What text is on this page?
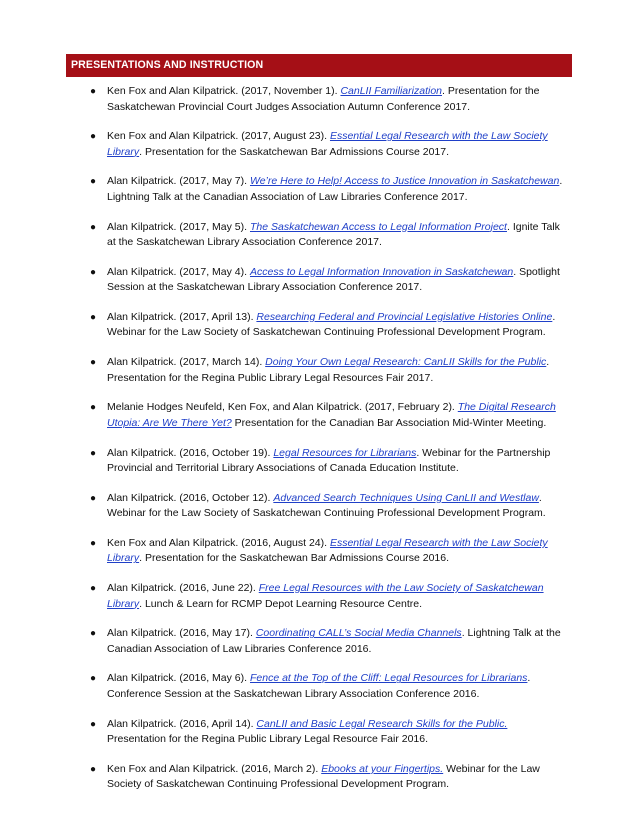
PRESENTATIONS AND INSTRUCTION
● Ken Fox and Alan Kilpatrick. (2017, November 1). CanLII Familiarization. Presentation for the Saskatchewan Provincial Court Judges Association Autumn Conference 2017.
● Ken Fox and Alan Kilpatrick. (2017, August 23). Essential Legal Research with the Law Society Library. Presentation for the Saskatchewan Bar Admissions Course 2017.
● Alan Kilpatrick. (2017, May 7). We’re Here to Help! Access to Justice Innovation in Saskatchewan. Lightning Talk at the Canadian Association of Law Libraries Conference 2017.
● Alan Kilpatrick. (2017, May 5). The Saskatchewan Access to Legal Information Project. Ignite Talk at the Saskatchewan Library Association Conference 2017.
● Alan Kilpatrick. (2017, May 4). Access to Legal Information Innovation in Saskatchewan. Spotlight Session at the Saskatchewan Library Association Conference 2017.
● Alan Kilpatrick. (2017, April 13). Researching Federal and Provincial Legislative Histories Online. Webinar for the Law Society of Saskatchewan Continuing Professional Development Program.
● Alan Kilpatrick. (2017, March 14). Doing Your Own Legal Research: CanLII Skills for the Public. Presentation for the Regina Public Library Legal Resources Fair 2017.
● Melanie Hodges Neufeld, Ken Fox, and Alan Kilpatrick. (2017, February 2). The Digital Research Utopia: Are We There Yet? Presentation for the Canadian Bar Association Mid-Winter Meeting.
● Alan Kilpatrick. (2016, October 19). Legal Resources for Librarians. Webinar for the Partnership Provincial and Territorial Library Associations of Canada Education Institute.
● Alan Kilpatrick. (2016, October 12). Advanced Search Techniques Using CanLII and Westlaw. Webinar for the Law Society of Saskatchewan Continuing Professional Development Program.
● Ken Fox and Alan Kilpatrick. (2016, August 24). Essential Legal Research with the Law Society Library. Presentation for the Saskatchewan Bar Admissions Course 2016.
● Alan Kilpatrick. (2016, June 22). Free Legal Resources with the Law Society of Saskatchewan Library. Lunch & Learn for RCMP Depot Learning Resource Centre.
● Alan Kilpatrick. (2016, May 17). Coordinating CALL’s Social Media Channels. Lightning Talk at the Canadian Association of Law Libraries Conference 2016.
● Alan Kilpatrick. (2016, May 6). Fence at the Top of the Cliff: Legal Resources for Librarians. Conference Session at the Saskatchewan Library Association Conference 2016.
● Alan Kilpatrick. (2016, April 14). CanLII and Basic Legal Research Skills for the Public. Presentation for the Regina Public Library Legal Resource Fair 2016.
● Ken Fox and Alan Kilpatrick. (2016, March 2). Ebooks at your Fingertips. Webinar for the Law Society of Saskatchewan Continuing Professional Development Program.
